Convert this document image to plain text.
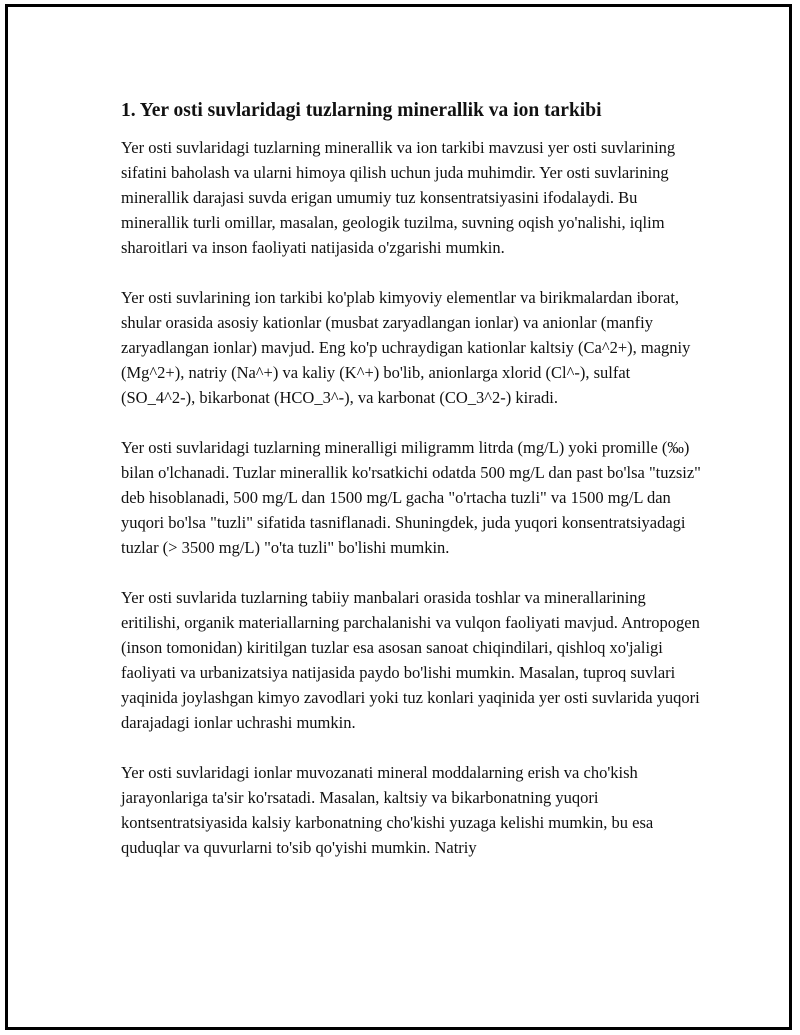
1. Yer osti suvlaridagi tuzlarning minerallik va ion tarkibi

Yer osti suvlaridagi tuzlarning minerallik va ion tarkibi mavzusi yer osti suvlarining sifatini baholash va ularni himoya qilish uchun juda muhimdir. Yer osti suvlarining minerallik darajasi suvda erigan umumiy tuz konsentratsiyasini ifodalaydi. Bu minerallik turli omillar, masalan, geologik tuzilma, suvning oqish yo'nalishi, iqlim sharoitlari va inson faoliyati natijasida o'zgarishi mumkin.

Yer osti suvlarining ion tarkibi ko'plab kimyoviy elementlar va birikmalardan iborat, shular orasida asosiy kationlar (musbat zaryadlangan ionlar) va anionlar (manfiy zaryadlangan ionlar) mavjud. Eng ko'p uchraydigan kationlar kaltsiy (Ca^2+), magniy (Mg^2+), natriy (Na^+) va kaliy (K^+) bo'lib, anionlarga xlorid (Cl^-), sulfat (SO_4^2-), bikarbonat (HCO_3^-), va karbonat (CO_3^2-) kiradi.

Yer osti suvlaridagi tuzlarning mineralligi miligramm litrda (mg/L) yoki promille (‰) bilan o'lchanadi. Tuzlar minerallik ko'rsatkichi odatda 500 mg/L dan past bo'lsa "tuzsiz" deb hisoblanadi, 500 mg/L dan 1500 mg/L gacha "o'rtacha tuzli" va 1500 mg/L dan yuqori bo'lsa "tuzli" sifatida tasniflanadi. Shuningdek, juda yuqori konsentratsiyadagi tuzlar (> 3500 mg/L) "o'ta tuzli" bo'lishi mumkin.

Yer osti suvlarida tuzlarning tabiiy manbalari orasida toshlar va minerallarining eritilishi, organik materiallarning parchalanishi va vulqon faoliyati mavjud. Antropogen (inson tomonidan) kiritilgan tuzlar esa asosan sanoat chiqindilari, qishloq xo'jaligi faoliyati va urbanizatsiya natijasida paydo bo'lishi mumkin. Masalan, tuproq suvlari yaqinida joylashgan kimyo zavodlari yoki tuz konlari yaqinida yer osti suvlarida yuqori darajadagi ionlar uchrashi mumkin.

Yer osti suvlaridagi ionlar muvozanati mineral moddalarning erish va cho'kish jarayonlariga ta'sir ko'rsatadi. Masalan, kaltsiy va bikarbonatning yuqori kontsentratsiyasida kalsiy karbonatning cho'kishi yuzaga kelishi mumkin, bu esa quduqlar va quvurlarni to'sib qo'yishi mumkin. Natriy
